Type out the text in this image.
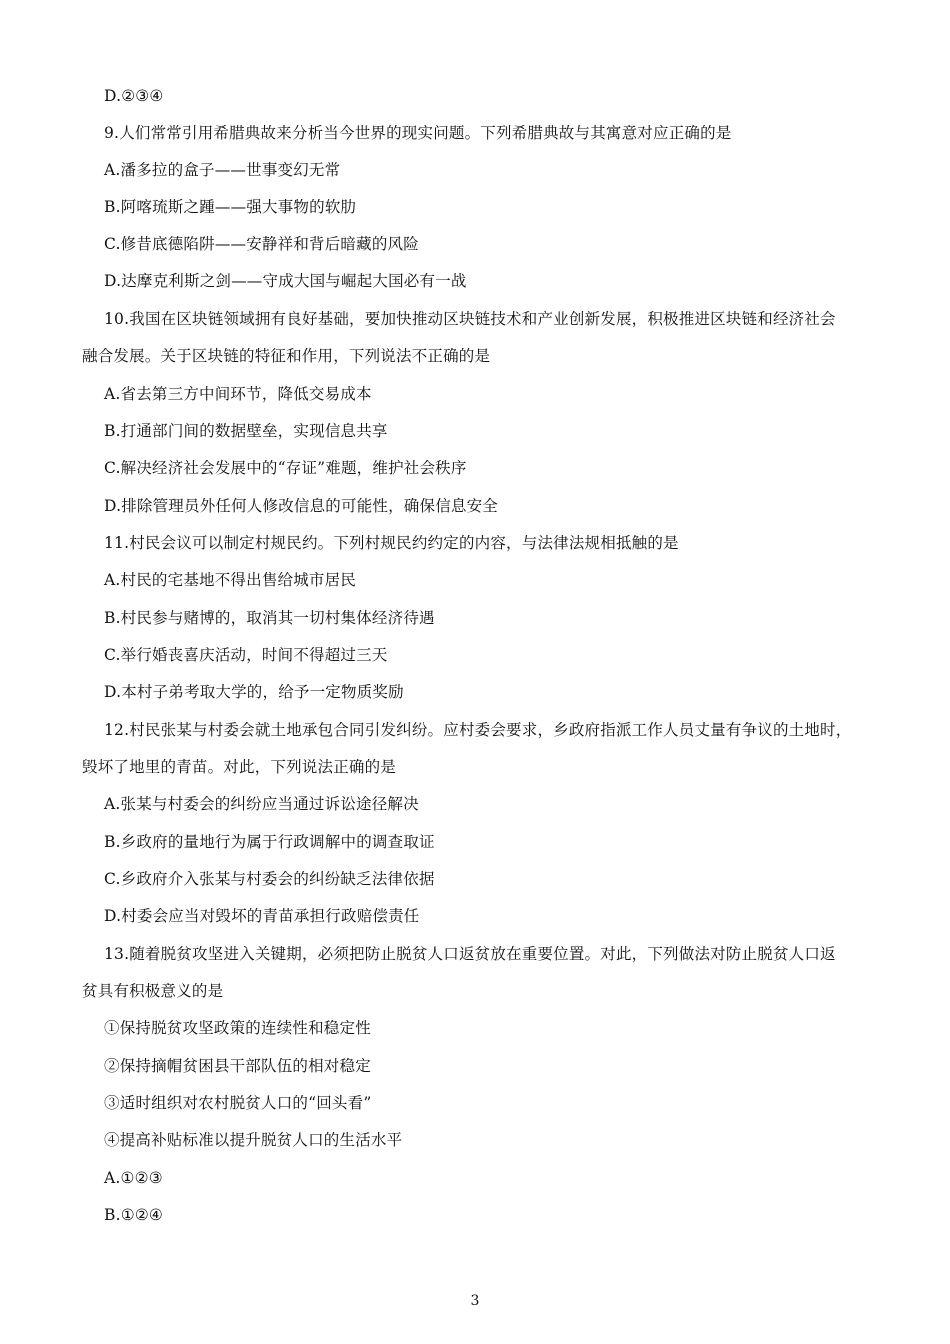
D.②③④
9.人们常常引用希腊典故来分析当今世界的现实问题。下列希腊典故与其寓意对应正确的是
A.潘多拉的盒子——世事变幻无常
B.阿喀琉斯之踵——强大事物的软肋
C.修昔底德陷阱——安静祥和背后暗藏的风险
D.达摩克利斯之剑——守成大国与崛起大国必有一战
10.我国在区块链领域拥有良好基础，要加快推动区块链技术和产业创新发展，积极推进区块链和经济社会
融合发展。关于区块链的特征和作用，下列说法不正确的是
A.省去第三方中间环节，降低交易成本
B.打通部门间的数据壁垒，实现信息共享
C.解决经济社会发展中的“存证”难题，维护社会秩序
D.排除管理员外任何人修改信息的可能性，确保信息安全
11.村民会议可以制定村规民约。下列村规民约约定的内容，与法律法规相抵触的是
A.村民的宅基地不得出售给城市居民
B.村民参与赌博的，取消其一切村集体经济待遇
C.举行婚丧喜庆活动，时间不得超过三天
D.本村子弟考取大学的，给予一定物质奖励
12.村民张某与村委会就土地承包合同引发纠纷。应村委会要求，乡政府指派工作人员丈量有争议的土地时，
毁坏了地里的青苗。对此，下列说法正确的是
A.张某与村委会的纠纷应当通过诉讼途径解决
B.乡政府的量地行为属于行政调解中的调查取证
C.乡政府介入张某与村委会的纠纷缺乏法律依据
D.村委会应当对毁坏的青苗承担行政赔偿责任
13.随着脱贫攻坚进入关键期，必须把防止脱贫人口返贫放在重要位置。对此，下列做法对防止脱贫人口返
贫具有积极意义的是
①保持脱贫攻坚政策的连续性和稳定性
②保持摘帽贫困县干部队伍的相对稳定
③适时组织对农村脱贫人口的“回头看”
④提高补贴标准以提升脱贫人口的生活水平
A.①②③
B.①②④
3
